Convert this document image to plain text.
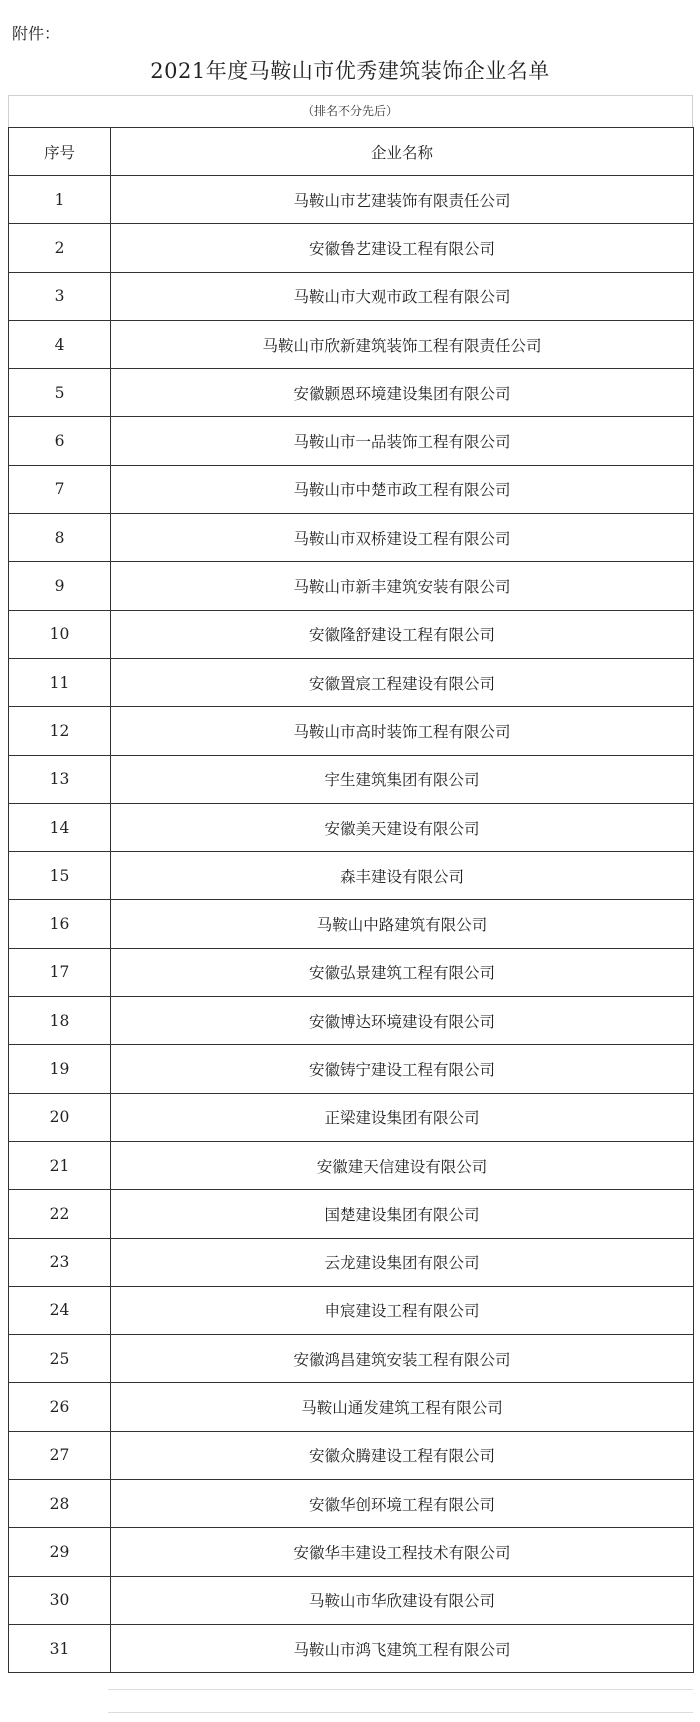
附件：
2021年度马鞍山市优秀建筑装饰企业名单
（排名不分先后）
序号	企业名称
1	马鞍山市艺建装饰有限责任公司
2	安徽鲁艺建设工程有限公司
3	马鞍山市大观市政工程有限公司
4	马鞍山市欣新建筑装饰工程有限责任公司
5	安徽颢恩环境建设集团有限公司
6	马鞍山市一品装饰工程有限公司
7	马鞍山市中楚市政工程有限公司
8	马鞍山市双桥建设工程有限公司
9	马鞍山市新丰建筑安装有限公司
10	安徽隆舒建设工程有限公司
11	安徽置宸工程建设有限公司
12	马鞍山市高时装饰工程有限公司
13	宇生建筑集团有限公司
14	安徽美天建设有限公司
15	森丰建设有限公司
16	马鞍山中路建筑有限公司
17	安徽弘景建筑工程有限公司
18	安徽博达环境建设有限公司
19	安徽铸宁建设工程有限公司
20	正梁建设集团有限公司
21	安徽建天信建设有限公司
22	国楚建设集团有限公司
23	云龙建设集团有限公司
24	申宸建设工程有限公司
25	安徽鸿昌建筑安装工程有限公司
26	马鞍山通发建筑工程有限公司
27	安徽众腾建设工程有限公司
28	安徽华创环境工程有限公司
29	安徽华丰建设工程技术有限公司
30	马鞍山市华欣建设有限公司
31	马鞍山市鸿飞建筑工程有限公司
